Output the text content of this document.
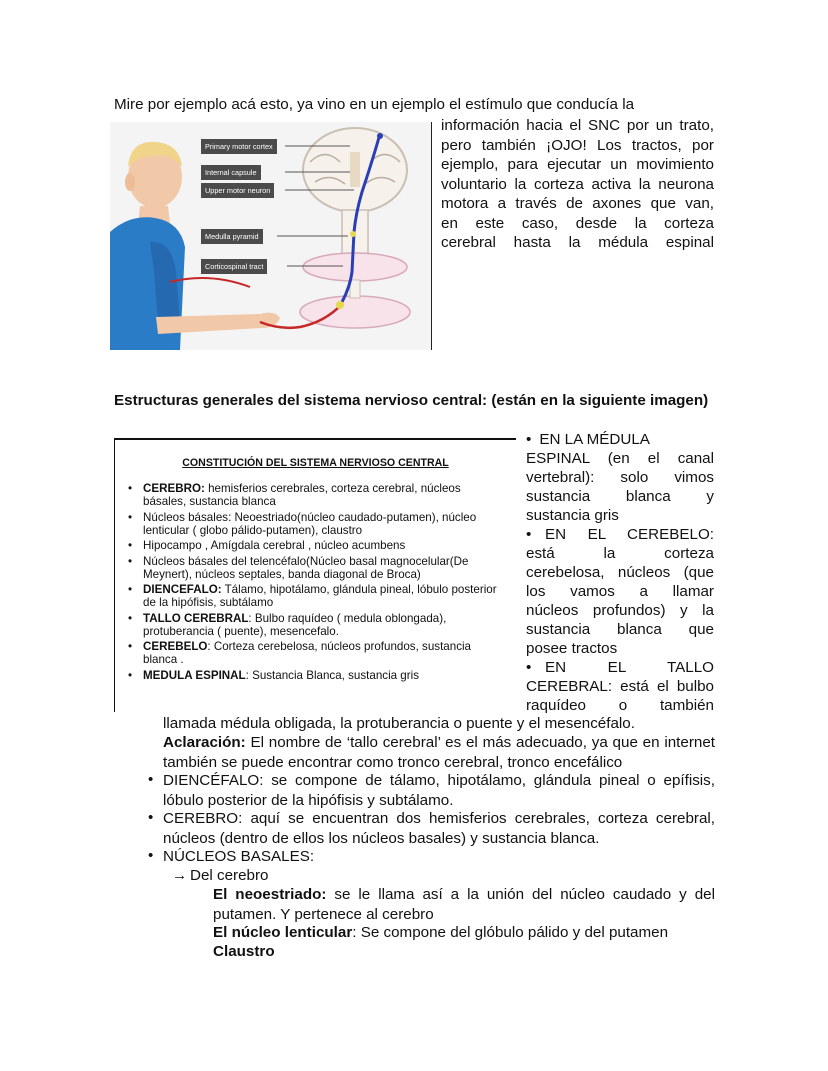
Mire por ejemplo acá esto, ya vino en un ejemplo el estímulo que conducía la
información hacia el SNC por un trato,
pero también ¡OJO! Los tractos, por
ejemplo, para ejecutar un movimiento
voluntario la corteza activa la neurona
motora a través de axones que van,
en este caso, desde la corteza
cerebral hasta la médula espinal
Primary motor cortex
Internal capsule
Upper motor neuron
Medulla pyramid
Corticospinal tract
Estructuras generales del sistema nervioso central: (están en la siguiente imagen)
CONSTITUCIÓN DEL SISTEMA NERVIOSO CENTRAL
• CEREBRO: hemisferios cerebrales, corteza cerebral, núcleos básales, sustancia blanca
• Núcleos básales: Neoestriado(núcleo caudado-putamen), núcleo lenticular ( globo pálido-putamen), claustro
• Hipocampo , Amígdala cerebral , núcleo acumbens
• Núcleos básales del telencéfalo(Núcleo basal magnocelular(De Meynert), núcleos septales, banda diagonal de Broca)
• DIENCEFALO: Tálamo, hipotálamo, glándula pineal, lóbulo posterior de la hipófisis, subtálamo
• TALLO CEREBRAL: Bulbo raquídeo ( medula oblongada), protuberancia ( puente), mesencefalo.
• CEREBELO: Corteza cerebelosa, núcleos profundos, sustancia blanca .
• MEDULA ESPINAL: Sustancia Blanca, sustancia gris
• EN LA MÉDULA
ESPINAL (en el canal
vertebral): solo vimos
sustancia blanca y
sustancia gris
• EN EL CEREBELO:
está la corteza
cerebelosa, núcleos (que
los vamos a llamar
núcleos profundos) y la
sustancia blanca que
posee tractos
• EN EL TALLO
CEREBRAL: está el bulbo
raquídeo o también
llamada médula obligada, la protuberancia o puente y el mesencéfalo.
Aclaración: El nombre de ‘tallo cerebral’ es el más adecuado, ya que en internet también se puede encontrar como tronco cerebral, tronco encefálico
• DIENCÉFALO: se compone de tálamo, hipotálamo, glándula pineal o epífisis, lóbulo posterior de la hipófisis y subtálamo.
• CEREBRO: aquí se encuentran dos hemisferios cerebrales, corteza cerebral, núcleos (dentro de ellos los núcleos basales) y sustancia blanca.
• NÚCLEOS BASALES:
→ Del cerebro
El neoestriado: se le llama así a la unión del núcleo caudado y del putamen. Y pertenece al cerebro
El núcleo lenticular: Se compone del glóbulo pálido y del putamen
Claustro
